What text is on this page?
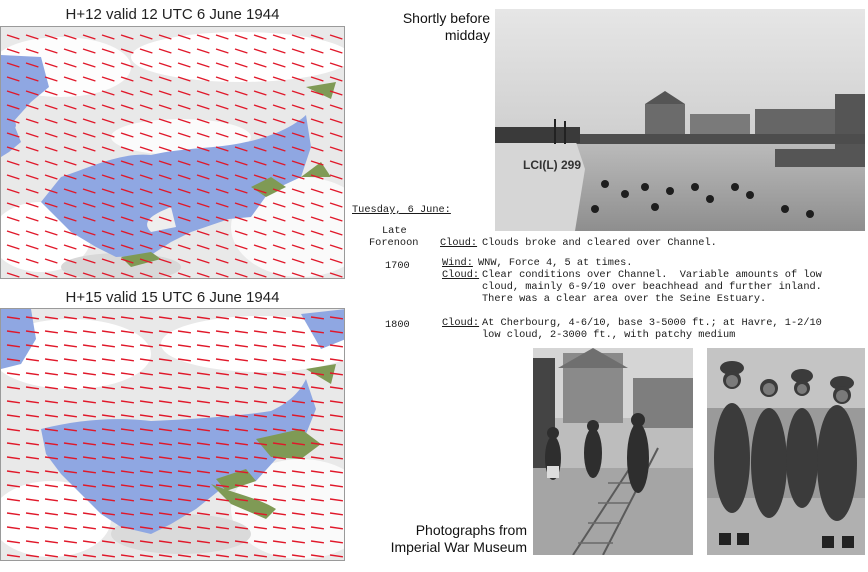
H+12 valid 12 UTC 6 June 1944
H+15 valid 15 UTC 6 June 1944
Shortly before
midday
LCI(L) 299
Tuesday, 6 June:
Late
Forenoon Cloud: Clouds broke and cleared over Channel.
1700	Wind: WNW, Force 4, 5 at times.
Cloud: Clear conditions over Channel.  Variable amounts of low
cloud, mainly 6-9/10 over beachhead and further inland.
There was a clear area over the Seine Estuary.
1800	Cloud: At Cherbourg, 4-6/10, base 3-5000 ft.; at Havre, 1-2/10
low cloud, 2-3000 ft., with patchy medium
Photographs from
Imperial War Museum
